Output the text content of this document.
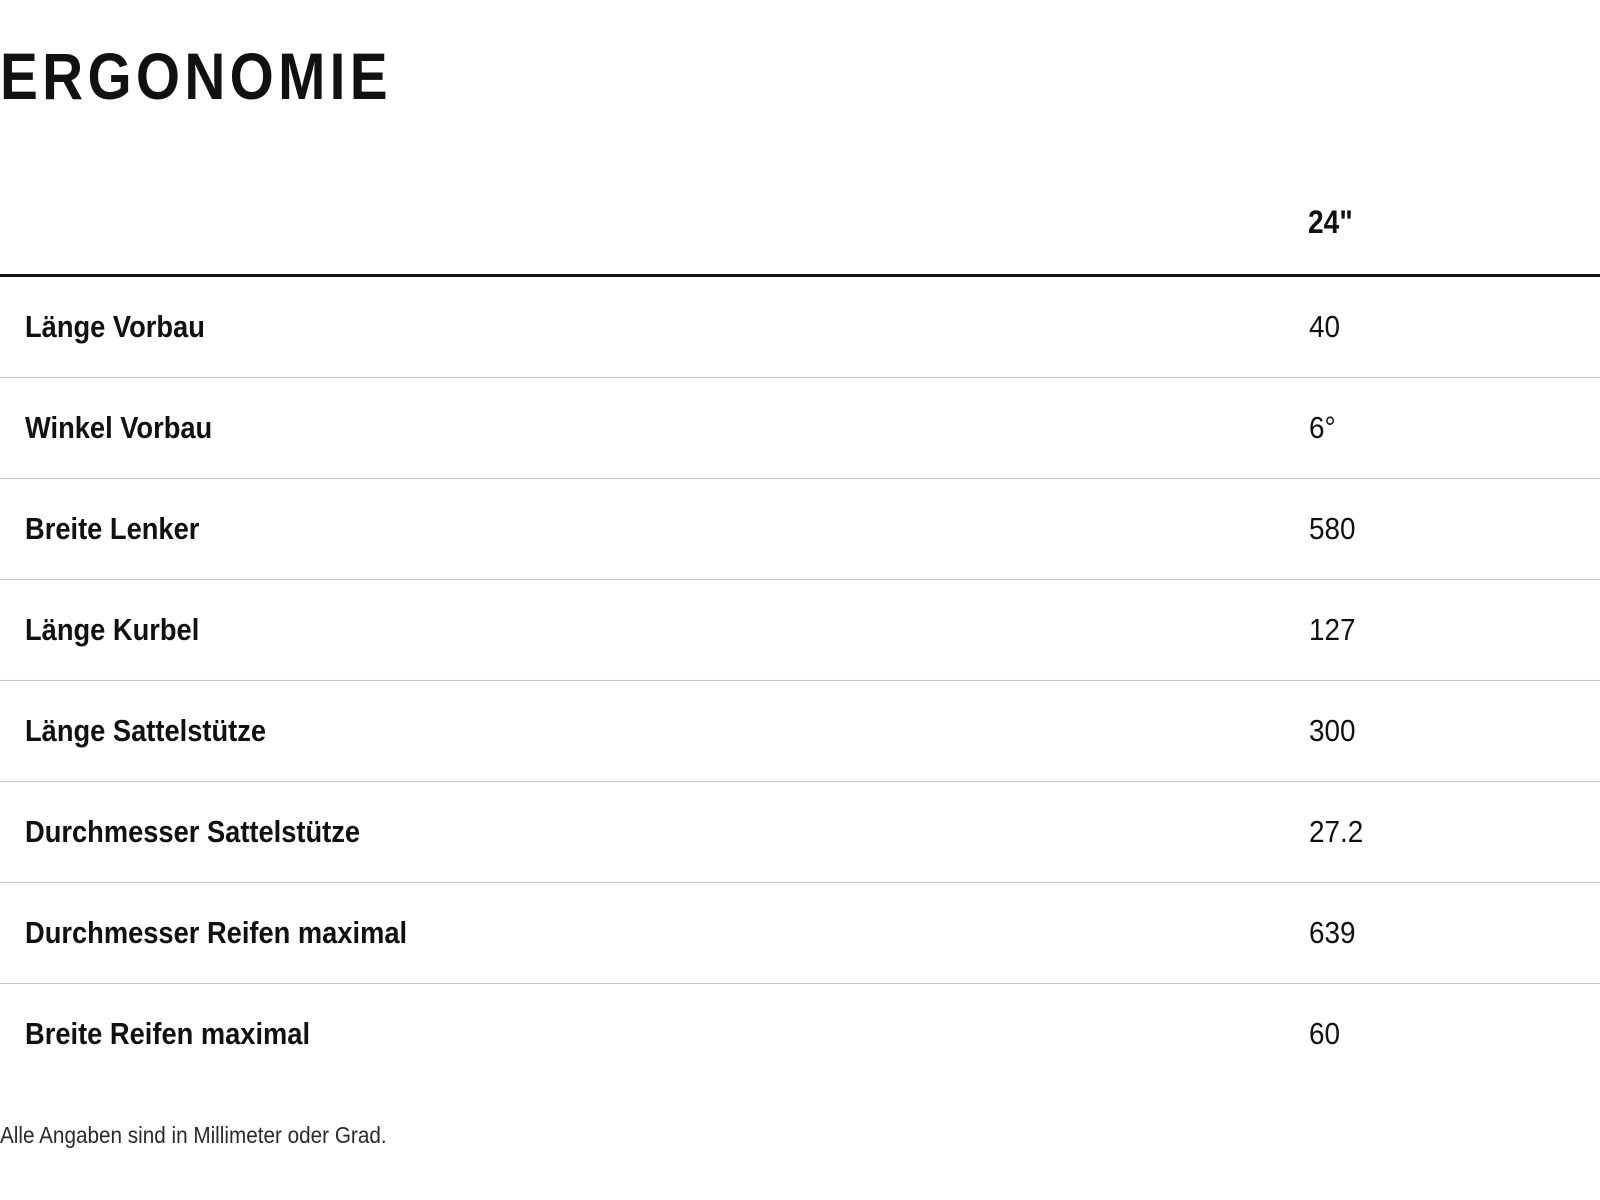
ERGONOMIE
24"
Länge Vorbau	40
Winkel Vorbau	6°
Breite Lenker	580
Länge Kurbel	127
Länge Sattelstütze	300
Durchmesser Sattelstütze	27.2
Durchmesser Reifen maximal	639
Breite Reifen maximal	60
Alle Angaben sind in Millimeter oder Grad.
